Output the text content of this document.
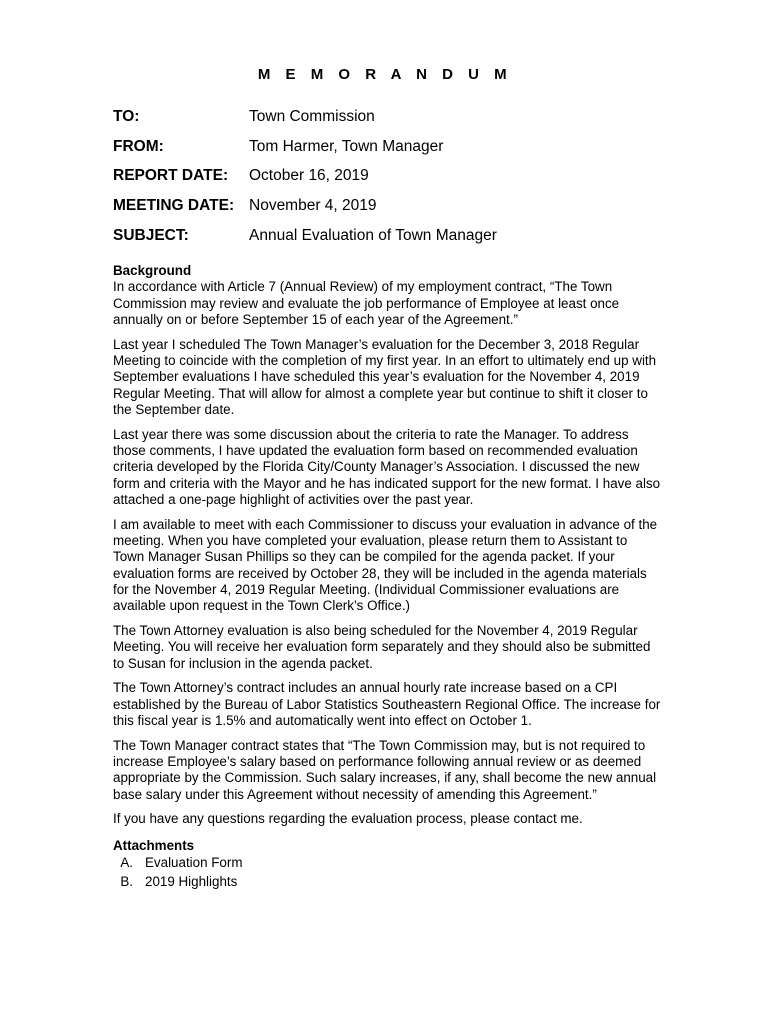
M E M O R A N D U M
TO:	Town Commission
FROM:	Tom Harmer, Town Manager
REPORT DATE:	October 16, 2019
MEETING DATE: November 4, 2019
SUBJECT:	Annual Evaluation of Town Manager
Background

In accordance with Article 7 (Annual Review) of my employment contract, “The Town Commission may review and evaluate the job performance of Employee at least once annually on or before September 15 of each year of the Agreement.”

Last year I scheduled The Town Manager’s evaluation for the December 3, 2018 Regular Meeting to coincide with the completion of my first year. In an effort to ultimately end up with September evaluations I have scheduled this year’s evaluation for the November 4, 2019 Regular Meeting. That will allow for almost a complete year but continue to shift it closer to the September date.

Last year there was some discussion about the criteria to rate the Manager. To address those comments, I have updated the evaluation form based on recommended evaluation criteria developed by the Florida City/County Manager’s Association. I discussed the new form and criteria with the Mayor and he has indicated support for the new format. I have also attached a one-page highlight of activities over the past year.

I am available to meet with each Commissioner to discuss your evaluation in advance of the meeting. When you have completed your evaluation, please return them to Assistant to Town Manager Susan Phillips so they can be compiled for the agenda packet. If your evaluation forms are received by October 28, they will be included in the agenda materials for the November 4, 2019 Regular Meeting. (Individual Commissioner evaluations are available upon request in the Town Clerk’s Office.)

The Town Attorney evaluation is also being scheduled for the November 4, 2019 Regular Meeting. You will receive her evaluation form separately and they should also be submitted to Susan for inclusion in the agenda packet.

The Town Attorney’s contract includes an annual hourly rate increase based on a CPI established by the Bureau of Labor Statistics Southeastern Regional Office. The increase for this fiscal year is 1.5% and automatically went into effect on October 1.

The Town Manager contract states that “The Town Commission may, but is not required to increase Employee’s salary based on performance following annual review or as deemed appropriate by the Commission. Such salary increases, if any, shall become the new annual base salary under this Agreement without necessity of amending this Agreement.”

If you have any questions regarding the evaluation process, please contact me.

Attachments
A. Evaluation Form
B. 2019 Highlights
